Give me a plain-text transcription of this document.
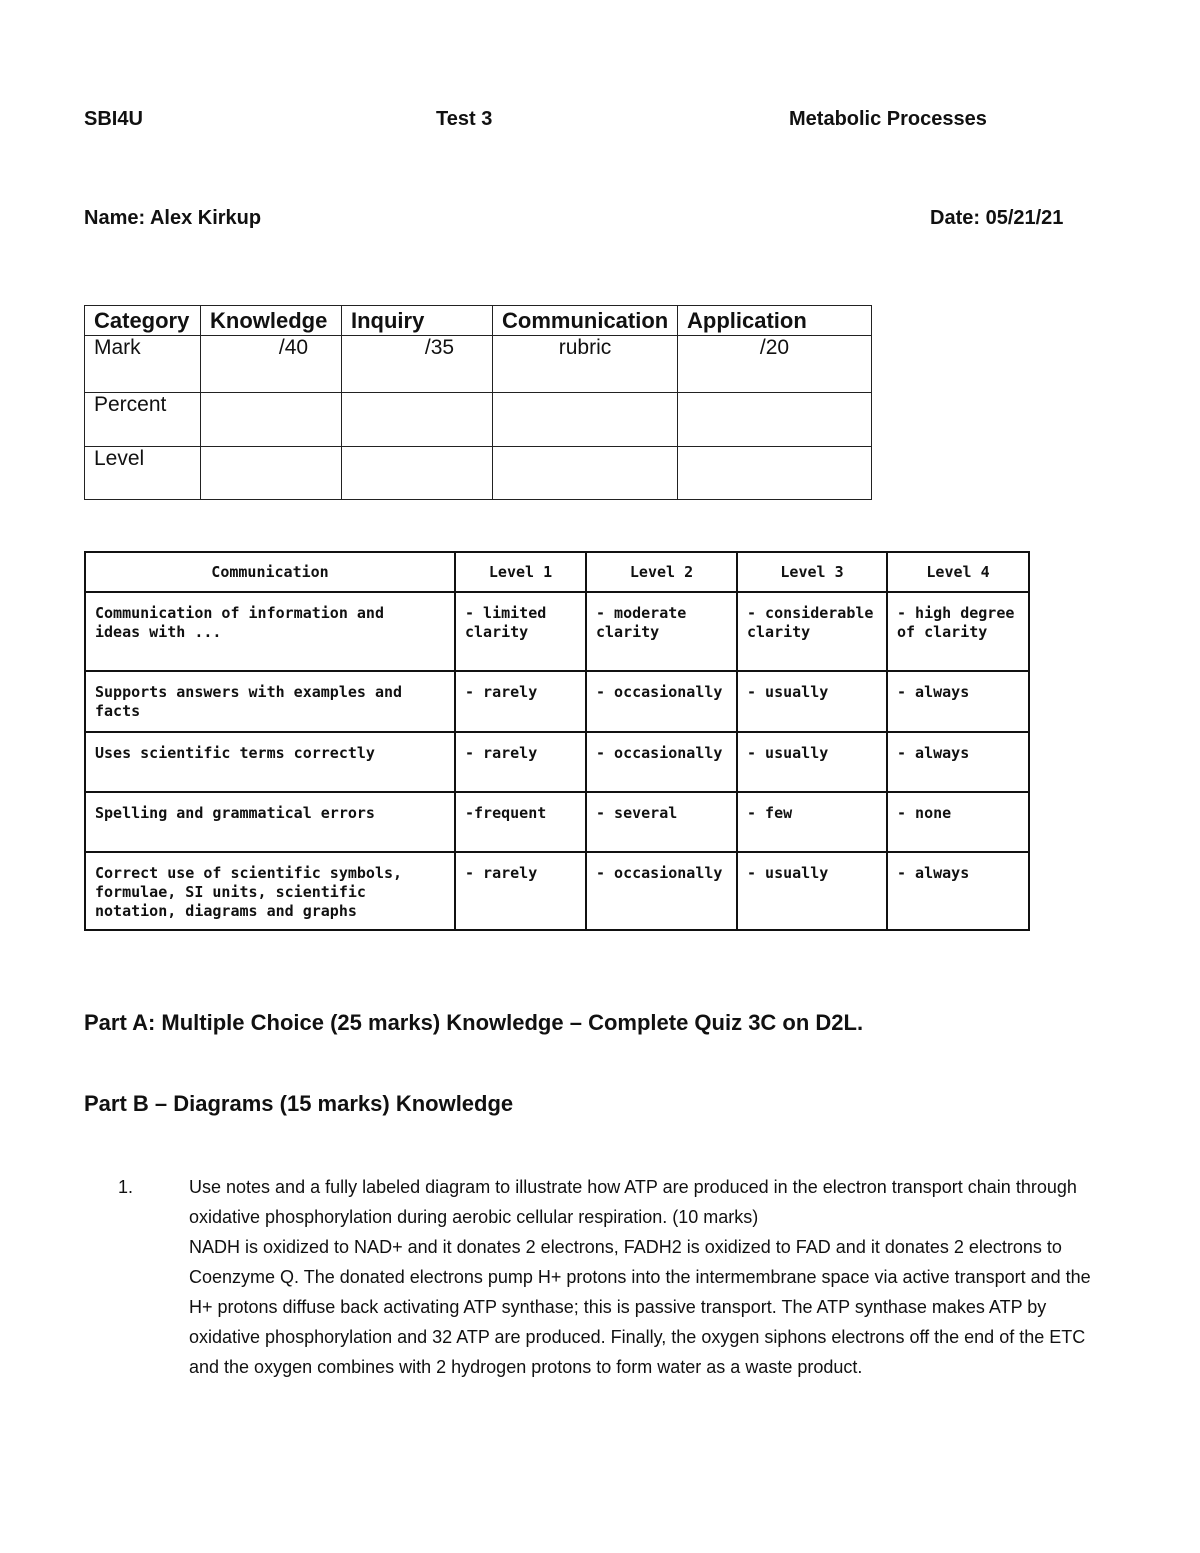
SBI4U	Test 3	Metabolic Processes
Name: Alex Kirkup	Date: 05/21/21
Category	Knowledge	Inquiry	Communication	Application
Mark	/40	/35	rubric	/20
Percent				
Level				
Communication	Level 1	Level 2	Level 3	Level 4
Communication of information and ideas with ...	- limited clarity	- moderate clarity	- considerable clarity	- high degree of clarity
Supports answers with examples and facts	- rarely	- occasionally	- usually	- always
Uses scientific terms correctly	- rarely	- occasionally	- usually	- always
Spelling and grammatical errors	-frequent	- several	- few	- none
Correct use of scientific symbols, formulae, SI units, scientific notation, diagrams and graphs	- rarely	- occasionally	- usually	- always
Part A: Multiple Choice (25 marks) Knowledge – Complete Quiz 3C on D2L.
Part B – Diagrams (15 marks) Knowledge
1.	Use notes and a fully labeled diagram to illustrate how ATP are produced in the electron transport chain through oxidative phosphorylation during aerobic cellular respiration. (10 marks)
NADH is oxidized to NAD+ and it donates 2 electrons, FADH2 is oxidized to FAD and it donates 2 electrons to Coenzyme Q. The donated electrons pump H+ protons into the intermembrane space via active transport and the H+ protons diffuse back activating ATP synthase; this is passive transport. The ATP synthase makes ATP by oxidative phosphorylation and 32 ATP are produced. Finally, the oxygen siphons electrons off the end of the ETC and the oxygen combines with 2 hydrogen protons to form water as a waste product.
